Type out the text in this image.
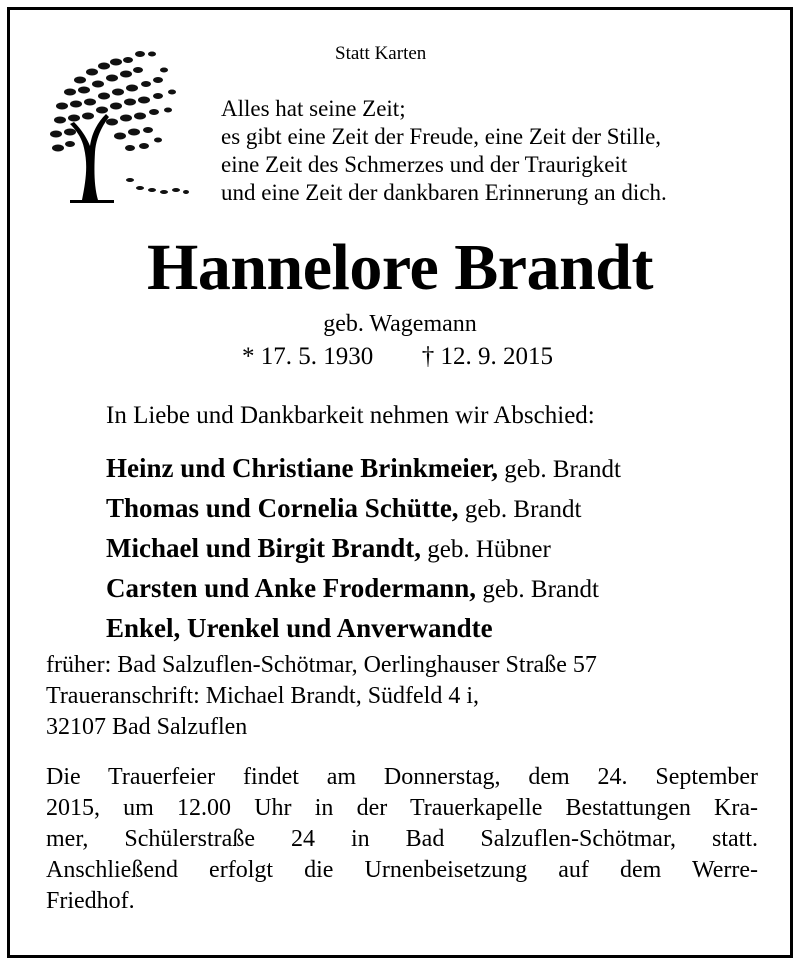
Statt Karten
Alles hat seine Zeit;
es gibt eine Zeit der Freude, eine Zeit der Stille,
eine Zeit des Schmerzes und der Traurigkeit
und eine Zeit der dankbaren Erinnerung an dich.
Hannelore Brandt
geb. Wagemann
* 17. 5. 1930 † 12. 9. 2015
In Liebe und Dankbarkeit nehmen wir Abschied:
Heinz und Christiane Brinkmeier, geb. Brandt
Thomas und Cornelia Schütte, geb. Brandt
Michael und Birgit Brandt, geb. Hübner
Carsten und Anke Frodermann, geb. Brandt
Enkel, Urenkel und Anverwandte
früher: Bad Salzuflen-Schötmar, Oerlinghauser Straße 57
Traueranschrift: Michael Brandt, Südfeld 4 i,
32107 Bad Salzuflen
Die Trauerfeier findet am Donnerstag, dem 24. September
2015, um 12.00 Uhr in der Trauerkapelle Bestattungen Kra-
mer, Schülerstraße 24 in Bad Salzuflen-Schötmar, statt.
Anschließend erfolgt die Urnenbeisetzung auf dem Werre-
Friedhof.
